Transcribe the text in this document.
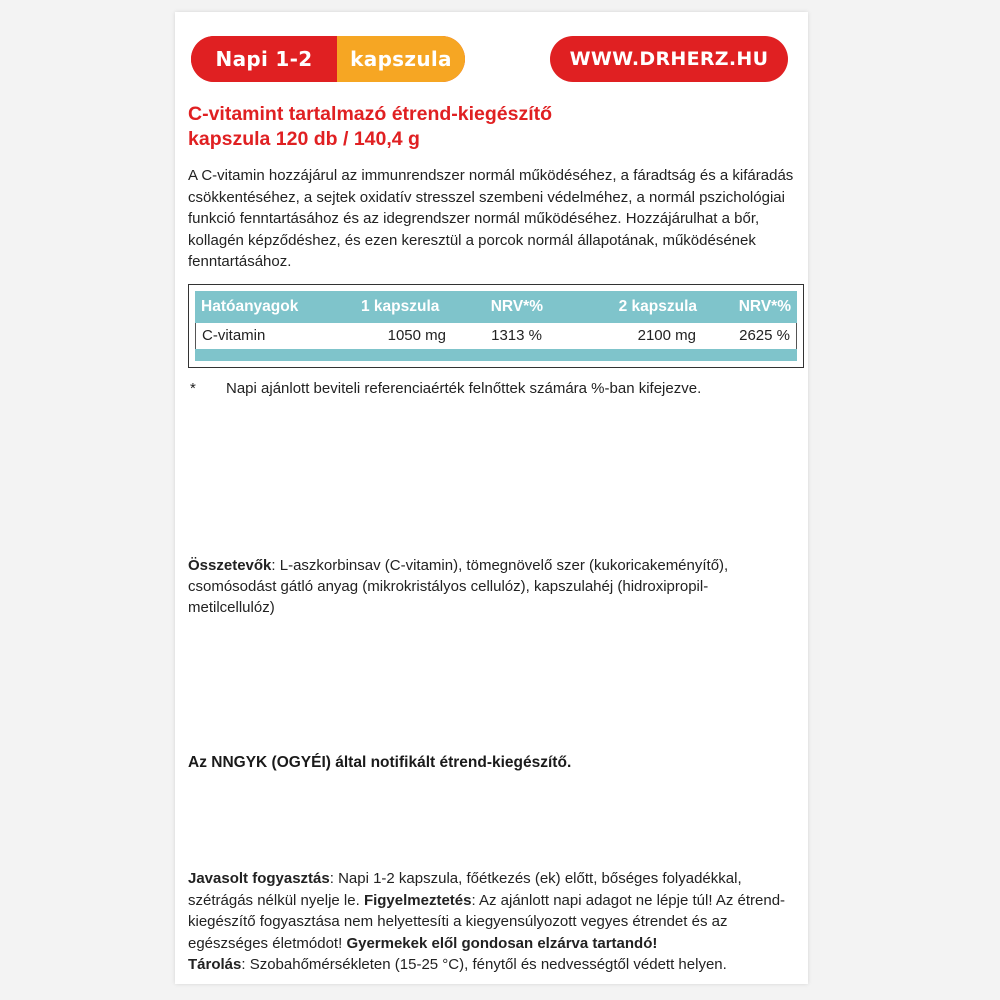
Napi 1-2	kapszula	WWW.DRHERZ.HU
C-vitamint tartalmazó étrend-kiegészítő
kapszula 120 db / 140,4 g
A C-vitamin hozzájárul az immunrendszer normál működéséhez, a fáradtság és a kifáradás csökkentéséhez, a sejtek oxidatív stresszel szembeni védelméhez, a normál pszichológiai funkció fenntartásához és az idegrendszer normál működéséhez. Hozzájárulhat a bőr, kollagén képződéshez, és ezen keresztül a porcok normál állapotának, működésének fenntartásához.
Hatóanyagok	1 kapszula	NRV*%	2 kapszula	NRV*%
C-vitamin	1050 mg	1313 %	2100 mg	2625 %
* Napi ajánlott beviteli referenciaérték felnőttek számára %-ban kifejezve.
Összetevők: L-aszkorbinsav (C-vitamin), tömegnövelő szer (kukoricakeményítő), csomósodást gátló anyag (mikrokristályos cellulóz), kapszulahéj (hidroxipropil-metilcellulóz)
Az NNGYK (OGYÉI) által notifikált étrend-kiegészítő.
Javasolt fogyasztás: Napi 1-2 kapszula, főétkezés (ek) előtt, bőséges folyadékkal, szétrágás nélkül nyelje le. Figyelmeztetés: Az ajánlott napi adagot ne lépje túl! Az étrend-kiegészítő fogyasztása nem helyettesíti a kiegyensúlyozott vegyes étrendet és az egészséges életmódot! Gyermekek elől gondosan elzárva tartandó!
Tárolás: Szobahőmérsékleten (15-25 °C), fénytől és nedvességtől védett helyen.
